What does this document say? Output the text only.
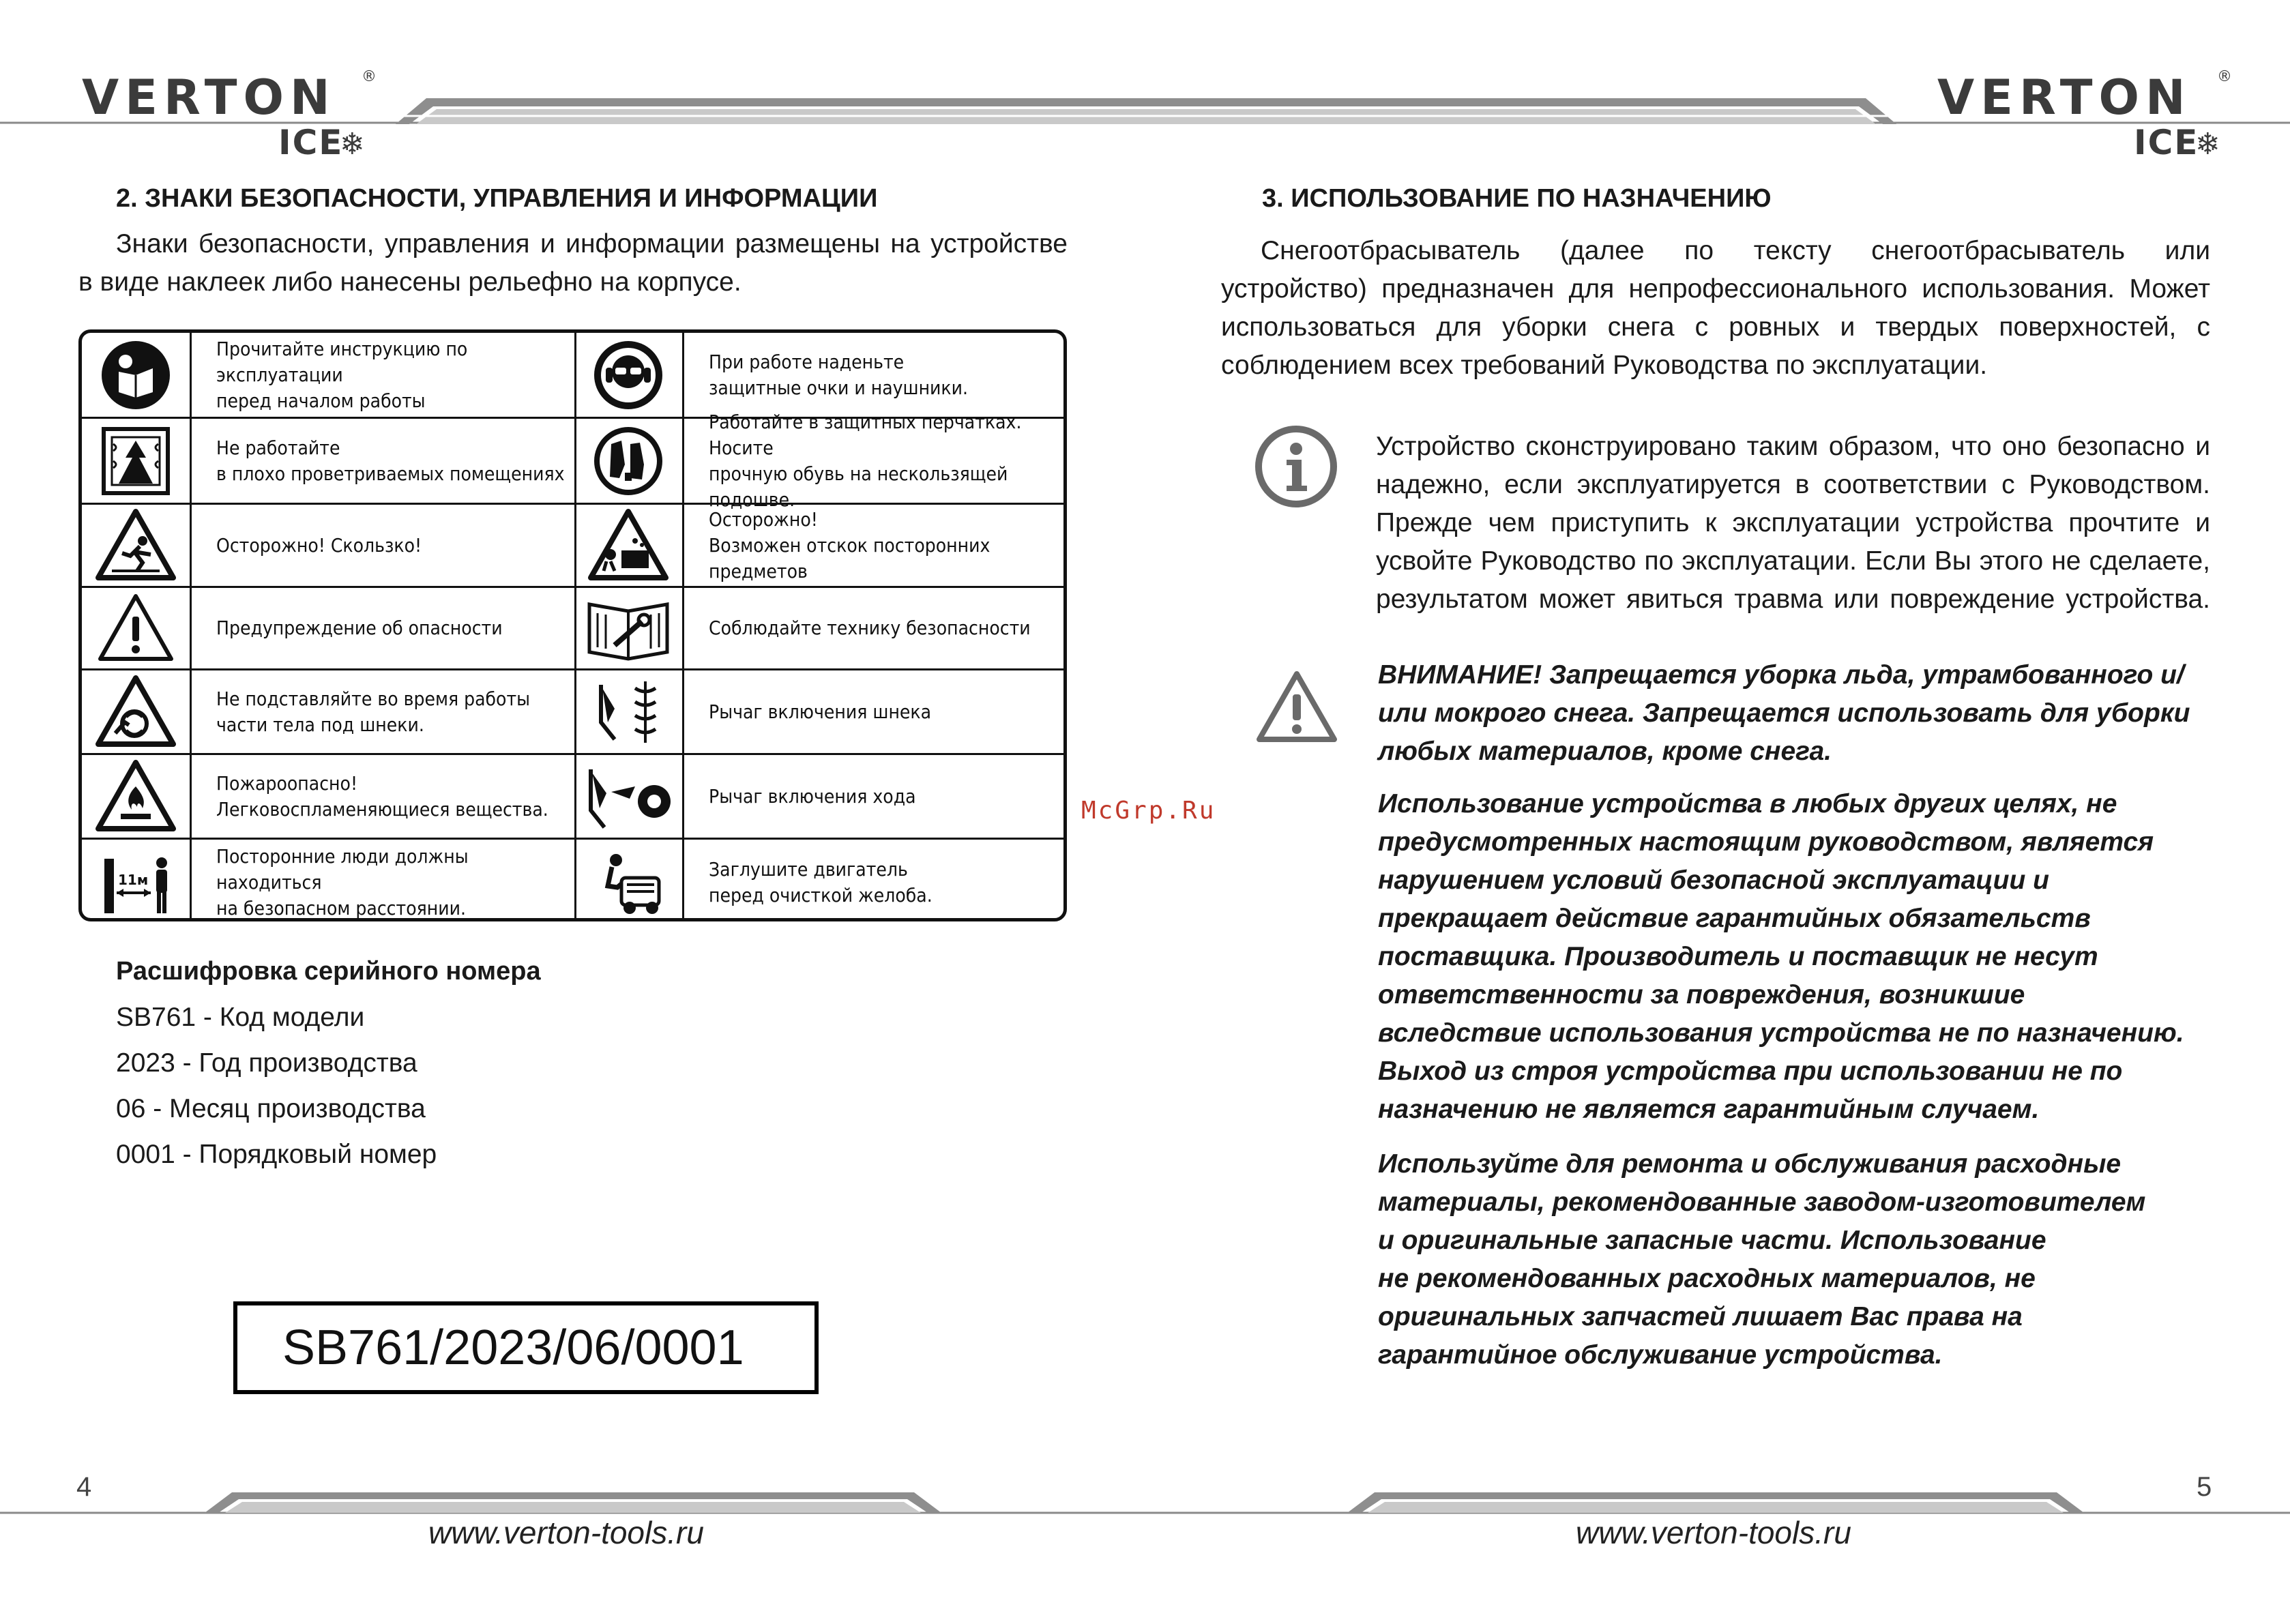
VERTON ®
ICE
❄
VERTON ®
ICE
❄
2. ЗНАКИ БЕЗОПАСНОСТИ, УПРАВЛЕНИЯ И ИНФОРМАЦИИ
Знаки безопасности, управления и информации размещены на устройстве
в виде наклеек либо нанесены рельефно на корпусе.
Прочитайте инструкцию по эксплуатации
перед началом работы
При работе наденьте
защитные очки и наушники.
Не работайте
в плохо проветриваемых помещениях
Работайте в защитных перчатках. Носите
прочную обувь на нескользящей подошве.
Осторожно! Скользко!
Осторожно!
Возможен отскок посторонних предметов
Предупреждение об опасности	Соблюдайте технику безопасности
Не подставляйте во время работы
части тела под шнеки.
Рычаг включения шнека
Пожароопасно!
Легковоспламеняющиеся вещества.
Рычаг включения хода
11м
Посторонние люди должны находиться
на безопасном расстоянии.
Заглушите двигатель
перед очисткой желоба.
Расшифровка серийного номера
SB761 - Код модели
2023 - Год производства
06 - Месяц производства
0001 - Порядковый номер
SB761/2023/06/0001
4
www.verton-tools.ru
3. ИСПОЛЬЗОВАНИЕ ПО НАЗНАЧЕНИЮ
Снегоотбрасыватель (далее по тексту снегоотбрасыватель или
устройство) предназначен для непрофессионального использования. Может
использоваться для уборки снега с ровных и твердых поверхностей, с
соблюдением всех требований Руководства по эксплуатации.
Устройство сконструировано таким образом, что оно безопасно и
надежно, если эксплуатируется в соответствии с Руководством.
Прежде чем приступить к эксплуатации устройства прочтите и
усвойте Руководство по эксплуатации. Если Вы этого не сделаете,
результатом может явиться травма или повреждение устройства.
ВНИМАНИЕ! Запрещается уборка льда, утрамбованного и/
или мокрого снега. Запрещается использовать для уборки
любых материалов, кроме снега.
Использование устройства в любых других целях, не
предусмотренных настоящим руководством, является
нарушением условий безопасной эксплуатации и
прекращает действие гарантийных обязательств
поставщика. Производитель и поставщик не несут
ответственности за повреждения, возникшие
вследствие использования устройства не по назначению.
Выход из строя устройства при использовании не по
назначению не является гарантийным случаем.
Используйте для ремонта и обслуживания расходные
материалы, рекомендованные заводом-изготовителем
и оригинальные запасные части. Использование
не рекомендованных расходных материалов, не
оригинальных запчастей лишает Вас права на
гарантийное обслуживание устройства.
McGrp.Ru
5
www.verton-tools.ru
